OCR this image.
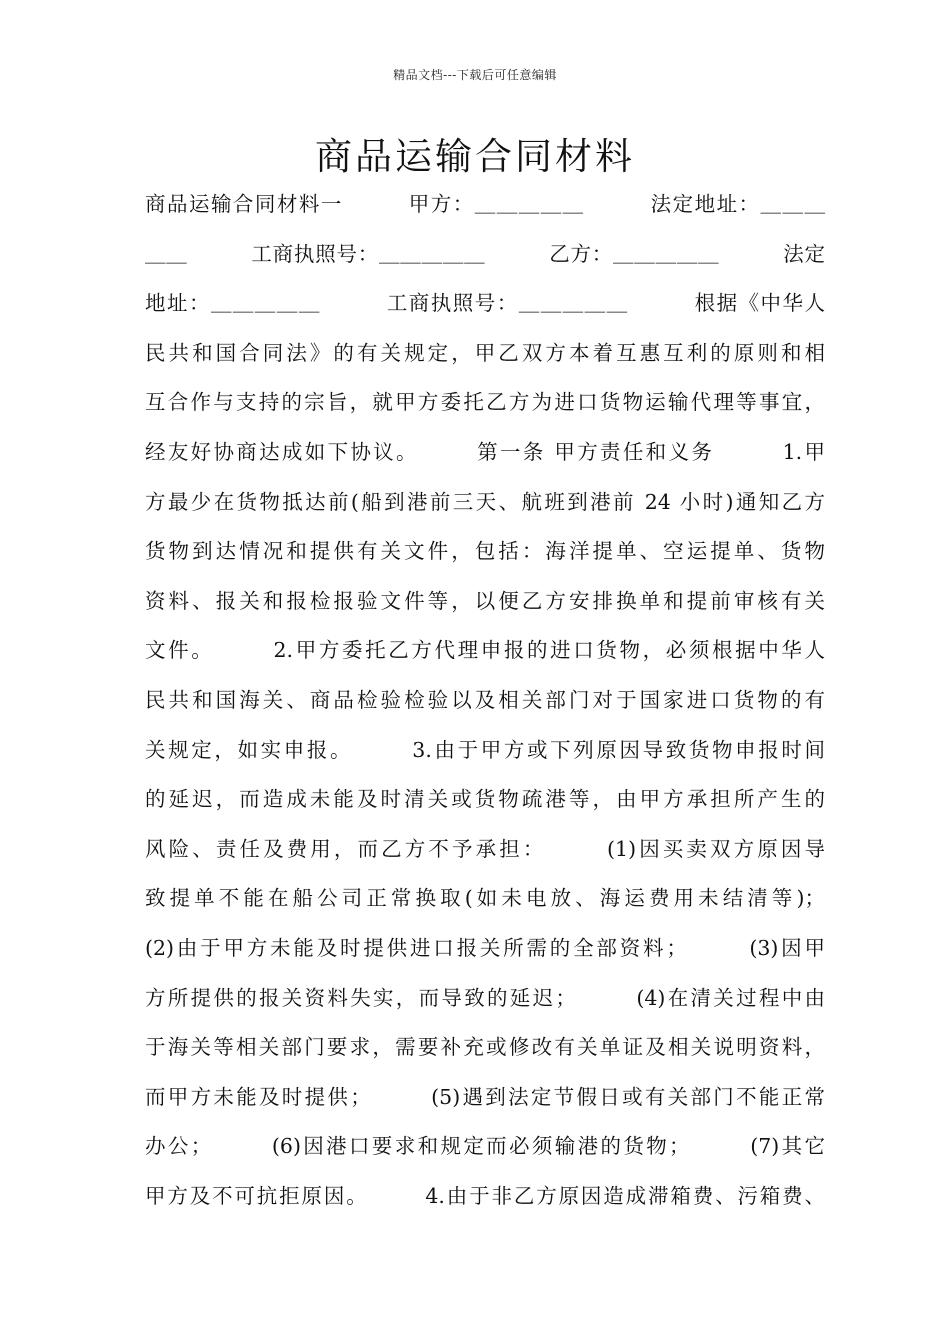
精品文档---下载后可任意编辑
商品运输合同材料
商品运输合同材料一　　　甲方：＿＿＿＿＿　　　法定地址：＿＿＿
＿＿　　　工商执照号：＿＿＿＿＿　　　乙方：＿＿＿＿＿　　　法定
地址：＿＿＿＿＿　　　工商执照号：＿＿＿＿＿　　　根据《中华人
民共和国合同法》的有关规定，甲乙双方本着互惠互利的原则和相
互合作与支持的宗旨，就甲方委托乙方为进口货物运输代理等事宜，
经友好协商达成如下协议。　　　第一条 甲方责任和义务　　　1.甲
方最少在货物抵达前(船到港前三天、航班到港前 24 小时)通知乙方
货物到达情况和提供有关文件，包括：海洋提单、空运提单、货物
资料、报关和报检报验文件等，以便乙方安排换单和提前审核有关
文件。　　　2.甲方委托乙方代理申报的进口货物，必须根据中华人
民共和国海关、商品检验检验以及相关部门对于国家进口货物的有
关规定，如实申报。　　　3.由于甲方或下列原因导致货物申报时间
的延迟，而造成未能及时清关或货物疏港等，由甲方承担所产生的
风险、责任及费用，而乙方不予承担：　　　(1)因买卖双方原因导
致提单不能在船公司正常换取(如未电放、海运费用未结清等)；
(2)由于甲方未能及时提供进口报关所需的全部资料；　　　(3)因甲
方所提供的报关资料失实，而导致的延迟；　　　(4)在清关过程中由
于海关等相关部门要求，需要补充或修改有关单证及相关说明资料，
而甲方未能及时提供；　　　(5)遇到法定节假日或有关部门不能正常
办公；　　　(6)因港口要求和规定而必须输港的货物；　　　(7)其它
甲方及不可抗拒原因。　　　4.由于非乙方原因造成滞箱费、污箱费、
